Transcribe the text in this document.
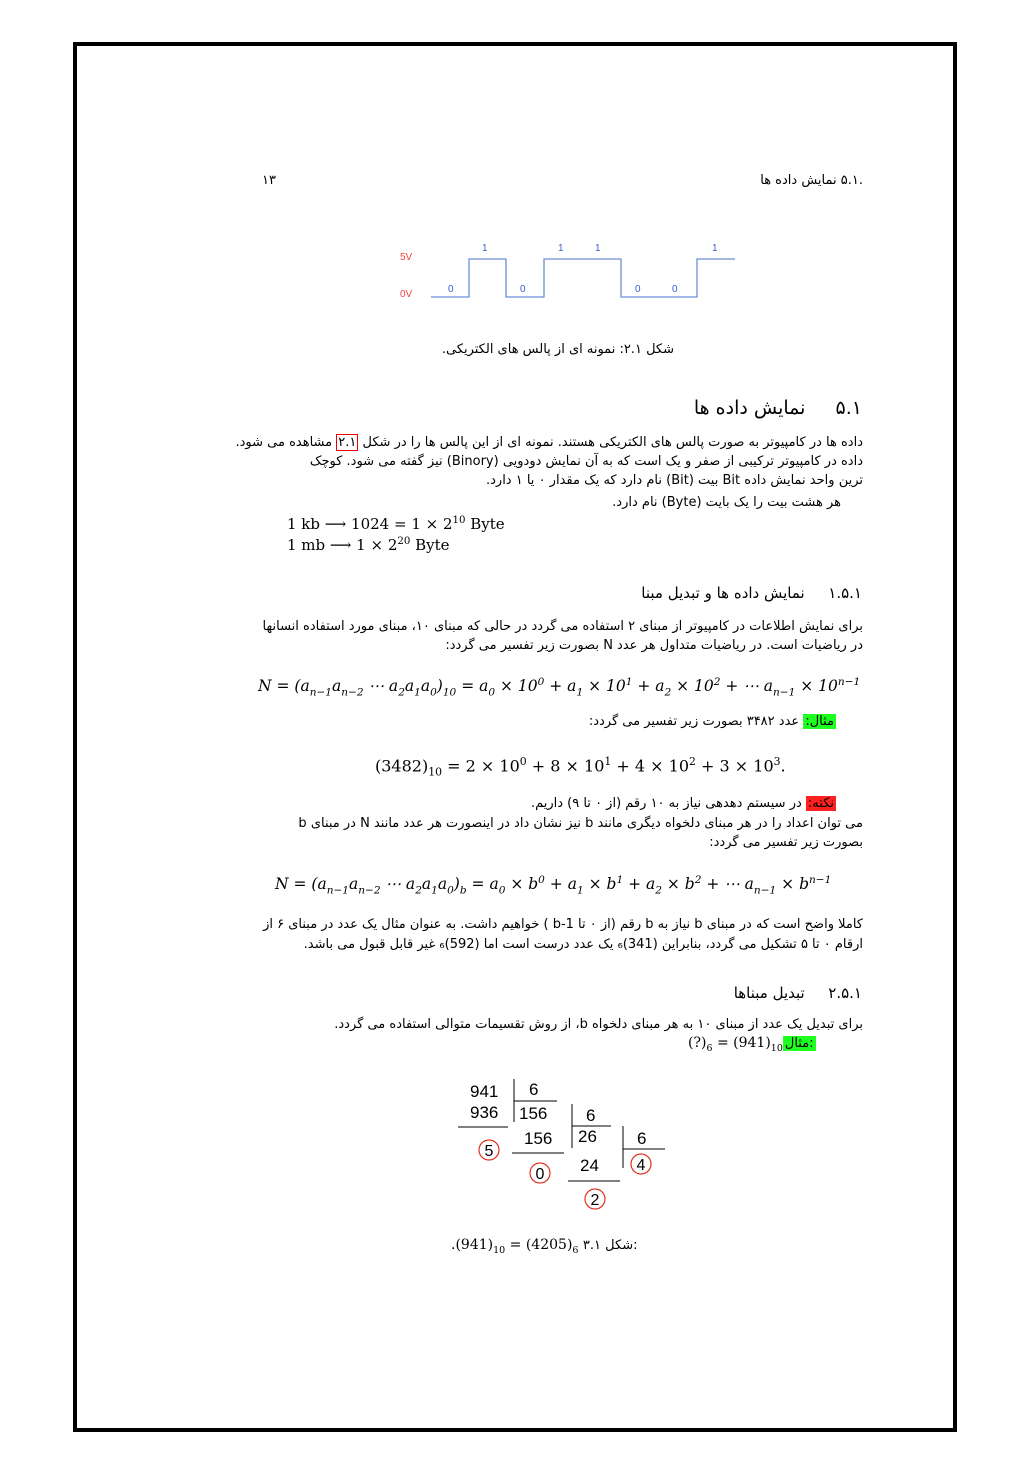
۱۳	.۵.۱ نمایش داده ها
5V
0V	0
1
0
1	1
0	0
1
شکل ۲.۱: نمونه ای از پالس های الکتریکی.
۵.۱  نمایش داده ها
داده ها در کامپیوتر به صورت پالس های الکتریکی هستند. نمونه ای از این پالس ها را در شکل ۲.۱ مشاهده می شود.
داده در کامپیوتر ترکیبی از صفر و یک است که به آن نمایش دودویی (Binory) نیز گفته می شود. کوچک
ترین واحد نمایش داده Bit بیت (Bit) نام دارد که یک مقدار ۰ یا ۱ دارد.
هر هشت بیت را یک بایت (Byte) نام دارد.
1 kb ⟶ $1024 = 1 \times 2^{10}$ Byte
1 mb ⟶ $1 \times 2^{20}$ Byte
۱.۵.۱  نمایش داده ها و تبدیل مبنا
برای نمایش اطلاعات در کامپیوتر از مبنای ۲ استفاده می گردد در حالی که مبنای ۱۰، مبنای مورد استفاده انسانها
در ریاضیات است. در ریاضیات متداول هر عدد N بصورت زیر تفسیر می گردد:
$N = (a_{n-1}a_{n-2}$ ⋯ $a_2a_1a_0)_{10} = a_0 \times 10^0 + a_1 \times 10^1 + a_2 \times 10^2$ + ⋯ $a_{n-1} \times 10^{n-1}$
مثال: عدد ۳۴۸۲ بصورت زیر تفسیر می گردد:
$(3482)_{10} = 2 \times 10^0 + 8 \times 10^1 + 4 \times 10^2 + 3 \times 10^3$.
نکته: در سیستم دهدهی نیاز به ۱۰ رقم (از ۰ تا ۹) داریم.
می توان اعداد را در هر مبنای دلخواه دیگری مانند b نیز نشان داد در اینصورت هر عدد مانند N در مبنای b
بصورت زیر تفسیر می گردد:
$N = (a_{n-1}a_{n-2}$ ⋯ $a_2a_1a_0)_b = a_0 \times b^0 + a_1 \times b^1 + a_2 \times b^2$ + ⋯ $a_{n-1} \times b^{n-1}$
کاملا واضح است که در مبنای b نیاز به b رقم (از ۰ تا b-1 ) خواهیم داشت. به عنوان مثال یک عدد در مبنای ۶ از
ارقام ۰ تا ۵ تشکیل می گردد، بنابراین (341)₆ یک عدد درست است اما (592)₆ غیر قابل قبول می باشد.
۲.۵.۱  تبدیل مبناها
برای تبدیل یک عدد از مبنای ۱۰ به هر مبنای دلخواه b، از روش تقسیمات متوالی استفاده می گردد.
$(?)_6 = (941)_{10}$ مثال:
941 6
936 156 6
156 26 6
24
5
0
4
2
$.(941)_{10} = (4205)_6$ شکل ۳.۱:
